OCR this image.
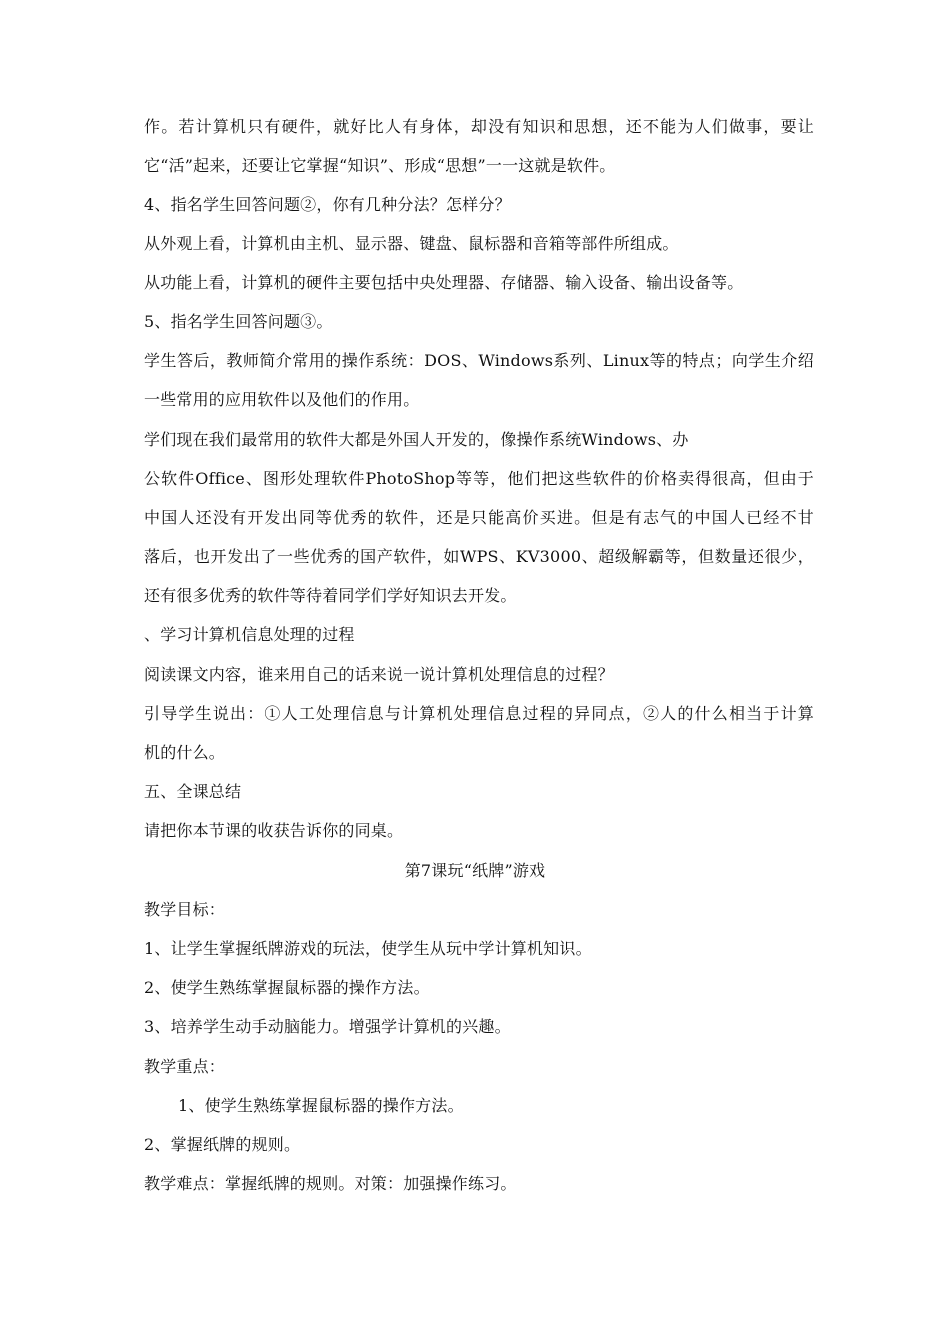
作。若计算机只有硬件，就好比人有身体，却没有知识和思想，还不能为人们做事，要让
它“活”起来，还要让它掌握“知识”、形成“思想”一一这就是软件。
4、指名学生回答问题②，你有几种分法？怎样分？
从外观上看，计算机由主机、显示器、键盘、鼠标器和音箱等部件所组成。
从功能上看，计算机的硬件主要包括中央处理器、存储器、输入设备、输出设备等。
5、指名学生回答问题③。
学生答后，教师简介常用的操作系统：DOS、Windows系列、Linux等的特点；向学生介绍
一些常用的应用软件以及他们的作用。
学们现在我们最常用的软件大都是外国人开发的，像操作系统Windows、办
公软件Office、图形处理软件PhotoShop等等，他们把这些软件的价格卖得很高，但由于
中国人还没有开发出同等优秀的软件，还是只能高价买进。但是有志气的中国人已经不甘
落后，也开发出了一些优秀的国产软件，如WPS、KV3000、超级解霸等，但数量还很少，
还有很多优秀的软件等待着同学们学好知识去开发。
、学习计算机信息处理的过程
阅读课文内容，谁来用自己的话来说一说计算机处理信息的过程？
引导学生说出：①人工处理信息与计算机处理信息过程的异同点，②人的什么相当于计算
机的什么。
五、全课总结
请把你本节课的收获告诉你的同桌。
第7课玩“纸牌”游戏
教学目标：
1、让学生掌握纸牌游戏的玩法，使学生从玩中学计算机知识。
2、使学生熟练掌握鼠标器的操作方法。
3、培养学生动手动脑能力。增强学计算机的兴趣。
教学重点：
1、使学生熟练掌握鼠标器的操作方法。
2、掌握纸牌的规则。
教学难点：掌握纸牌的规则。对策：加强操作练习。
